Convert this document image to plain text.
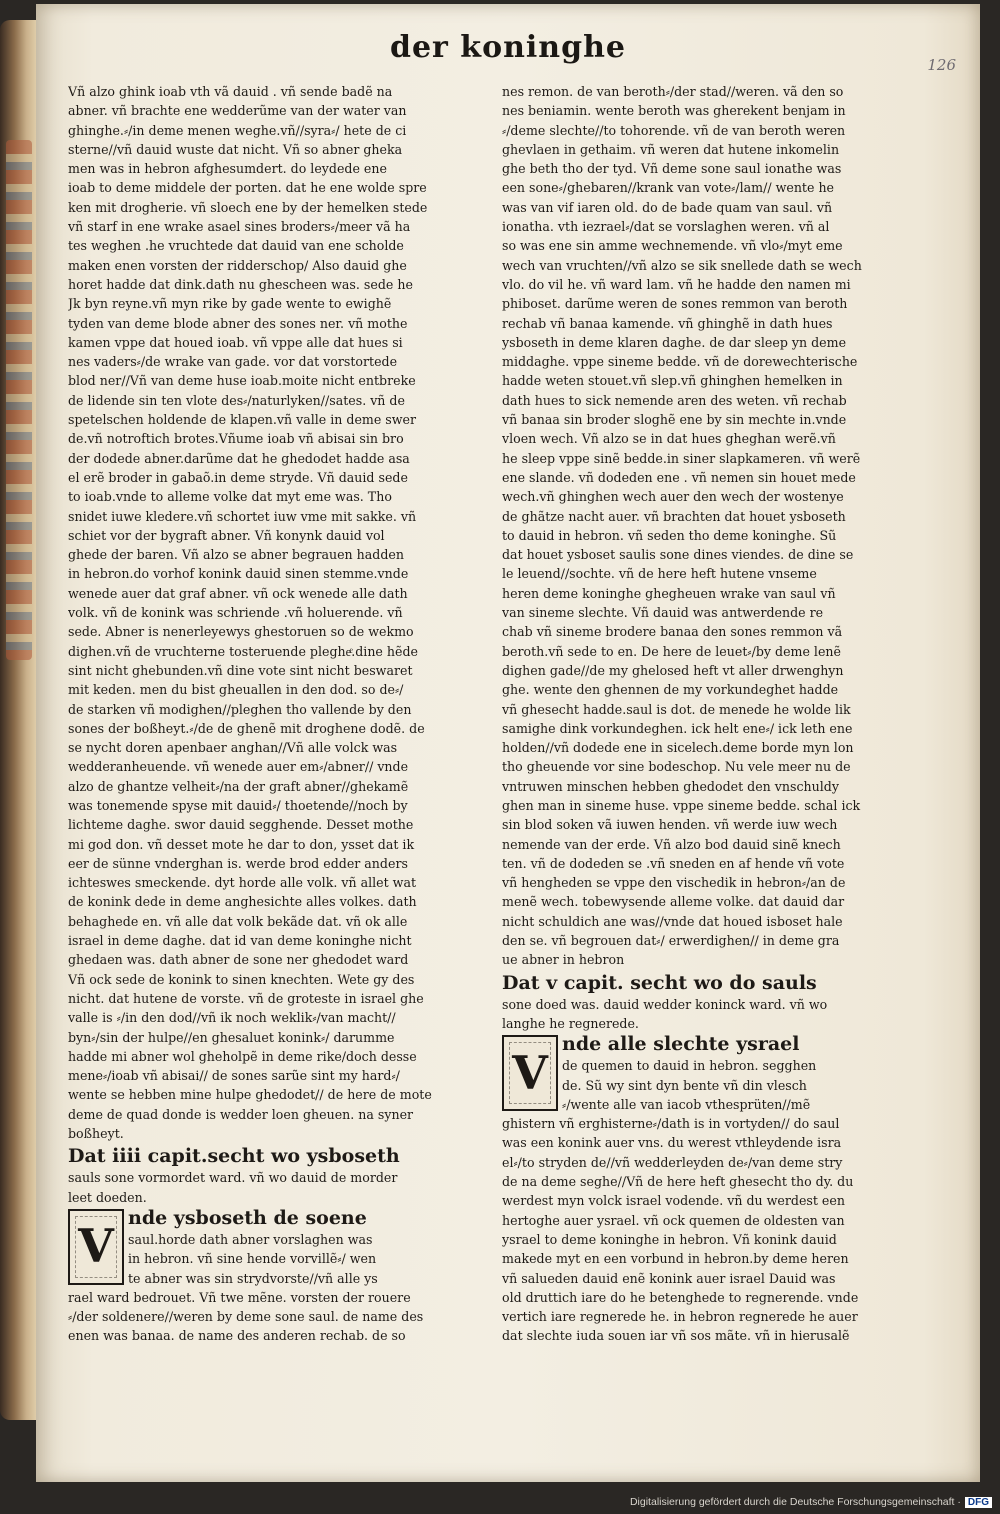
der koninghe	126
Vñ alzo ghink ioab vth vã dauid . vñ sende badẽ na
abner. vñ brachte ene wedderũme van der water van
ghinghe.⸗/in deme menen weghe.vñ//syra⸗/ hete de ci
sterne//vñ dauid wuste dat nicht. Vñ so abner gheka
men was in hebron afghesumdert. do leydede ene
ioab to deme middele der porten. dat he ene wolde spre
ken mit drogherie. vñ sloech ene by der hemelken stede
vñ starf in ene wrake asael sines broders⸗/meer vã ha
tes weghen .he vruchtede dat dauid van ene scholde
maken enen vorsten der ridderschop/ Also dauid ghe
horet hadde dat dink.dath nu ghescheen was. sede he
Jk byn reyne.vñ myn rike by gade wente to ewighẽ
tyden van deme blode abner des sones ner. vñ mothe
kamen vppe dat houed ioab. vñ vppe alle dat hues si
nes vaders⸗/de wrake van gade. vor dat vorstortede
blod ner//Vñ van deme huse ioab.moite nicht entbreke
de lidende sin ten vlote des⸗/naturlyken//sates. vñ de
spetelschen holdende de klapen.vñ valle in deme swer
de.vñ notroftich brotes.Vñume ioab vñ abisai sin bro
der dodede abner.darũme dat he ghedodet hadde asa
el erẽ broder in gabaõ.in deme stryde. Vñ dauid sede
to ioab.vnde to alleme volke dat myt eme was. Tho
snidet iuwe kledere.vñ schortet iuw vme mit sakke. vñ
schiet vor der bygraft abner. Vñ konynk dauid vol
ghede der baren. Vñ alzo se abner begrauen hadden
in hebron.do vorhof konink dauid sinen stemme.vnde
wenede auer dat graf abner. vñ ock wenede alle dath
volk. vñ de konink was schriende .vñ holuerende. vñ
sede. Abner is nenerleyewys ghestoruen so de wekmo
dighen.vñ de vruchterne tosteruende plegheͤ.dine hẽde
sint nicht ghebunden.vñ dine vote sint nicht beswaret
mit keden. men du bist gheuallen in den dod. so de⸗/
de starken vñ modighen//pleghen tho vallende by den
sones der boßheyt.⸗/de de ghenẽ mit droghene dodẽ. de
se nycht doren apenbaer anghan//Vñ alle volck was
wedderanheuende. vñ wenede auer em⸗/abner// vnde
alzo de ghantze velheit⸗/na der graft abner//ghekamẽ
was tonemende spyse mit dauid⸗/ thoetende//noch by
lichteme daghe. swor dauid segghende. Desset mothe
mi god don. vñ desset mote he dar to don, ysset dat ik
eer de sünne vnderghan is. werde brod edder anders
ichteswes smeckende. dyt horde alle volk. vñ allet wat
de konink dede in deme anghesichte alles volkes. dath
behaghede en. vñ alle dat volk bekãde dat. vñ ok alle
israel in deme daghe. dat id van deme koninghe nicht
ghedaen was. dath abner de sone ner ghedodet ward
Vñ ock sede de konink to sinen knechten. Wete gy des
nicht. dat hutene de vorste. vñ de groteste in israel ghe
valle is ⸗/in den dod//vñ ik noch weklik⸗/van macht//
byn⸗/sin der hulpe//en ghesaluet konink⸗/ darumme
hadde mi abner wol gheholpẽ in deme rike/doch desse
mene⸗/ioab vñ abisai// de sones sarũe sint my hard⸗/
wente se hebben mine hulpe ghedodet// de here de mote
deme de quad donde is wedder loen gheuen. na syner
boßheyt.
Dat iiii capit.secht wo ysboseth
sauls sone vormordet ward. vñ wo dauid de morder
leet doeden.
V
nde ysboseth de soene
saul.horde dath abner vorslaghen was
in hebron. vñ sine hende vorvillẽ⸗/ wen
te abner was sin strydvorste//vñ alle ys
rael ward bedrouet. Vñ twe mẽne. vorsten der rouere
⸗/der soldenere//weren by deme sone saul. de name des
enen was banaa. de name des anderen rechab. de so
nes remon. de van beroth⸗/der stad//weren. vã den so
nes beniamin. wente beroth was gherekent benjam in
⸗/deme slechte//to tohorende. vñ de van beroth weren
ghevlaen in gethaim. vñ weren dat hutene inkomelin
ghe beth tho der tyd. Vñ deme sone saul ionathe was
een sone⸗/ghebaren//krank van vote⸗/lam// wente he
was van vif iaren old. do de bade quam van saul. vñ
ionatha. vth iezrael⸗/dat se vorslaghen weren. vñ al
so was ene sin amme wechnemende. vñ vlo⸗/myt eme
wech van vruchten//vñ alzo se sik snellede dath se wech
vlo. do vil he. vñ ward lam. vñ he hadde den namen mi
phiboset. darũme weren de sones remmon van beroth
rechab vñ banaa kamende. vñ ghinghẽ in dath hues
ysboseth in deme klaren daghe. de dar sleep yn deme
middaghe. vppe sineme bedde. vñ de dorewechterische
hadde weten stouet.vñ slep.vñ ghinghen hemelken in
dath hues to sick nemende aren des weten. vñ rechab
vñ banaa sin broder sloghẽ ene by sin mechte in.vnde
vloen wech. Vñ alzo se in dat hues gheghan werẽ.vñ
he sleep vppe sinẽ bedde.in siner slapkameren. vñ werẽ
ene slande. vñ dodeden ene . vñ nemen sin houet mede
wech.vñ ghinghen wech auer den wech der wostenye
de ghãtze nacht auer. vñ brachten dat houet ysboseth
to dauid in hebron. vñ seden tho deme koninghe. Sũ
dat houet ysboset saulis sone dines viendes. de dine se
le leuend//sochte. vñ de here heft hutene vnseme
heren deme koninghe ghegheuen wrake van saul vñ
van sineme slechte. Vñ dauid was antwerdende re
chab vñ sineme brodere banaa den sones remmon vã
beroth.vñ sede to en. De here de leuet⸗/by deme lenẽ
dighen gade//de my ghelosed heft vt aller drwenghyn
ghe. wente den ghennen de my vorkundeghet hadde
vñ ghesecht hadde.saul is dot. de menede he wolde lik
samighe dink vorkundeghen. ick helt ene⸗/ ick leth ene
holden//vñ dodede ene in sicelech.deme borde myn lon
tho gheuende vor sine bodeschop. Nu vele meer nu de
vntruwen minschen hebben ghedodet den vnschuldy
ghen man in sineme huse. vppe sineme bedde. schal ick
sin blod soken vã iuwen henden. vñ werde iuw wech
nemende van der erde. Vñ alzo bod dauid sinẽ knech
ten. vñ de dodeden se .vñ sneden en af hende vñ vote
vñ hengheden se vppe den vischedik in hebron⸗/an de
menẽ wech. tobewysende alleme volke. dat dauid dar
nicht schuldich ane was//vnde dat houed isboset hale
den se. vñ begrouen dat⸗/ erwerdighen// in deme gra
ue abner in hebron
Dat v capit. secht wo do sauls
sone doed was. dauid wedder koninck ward. vñ wo
langhe he regnerede.
V
nde alle slechte ysrael
de quemen to dauid in hebron. segghen
de. Sũ wy sint dyn bente vñ din vlesch
⸗/wente alle van iacob vthesprüten//mẽ
ghistern vñ erghisterne⸗/dath is in vortyden// do saul
was een konink auer vns. du werest vthleydende isra
el⸗/to stryden de//vñ wedderleyden de⸗/van deme stry
de na deme seghe//Vñ de here heft ghesecht tho dy. du
werdest myn volck israel vodende. vñ du werdest een
hertoghe auer ysrael. vñ ock quemen de oldesten van
ysrael to deme koninghe in hebron. Vñ konink dauid
makede myt en een vorbund in hebron.by deme heren
vñ salueden dauid enẽ konink auer israel Dauid was
old druttich iare do he betenghede to regnerende. vnde
vertich iare regnerede he. in hebron regnerede he auer
dat slechte iuda souen iar vñ sos mãte. vñ in hierusalẽ
Digitalisierung gefördert durch die Deutsche Forschungsgemeinschaft · DFG
